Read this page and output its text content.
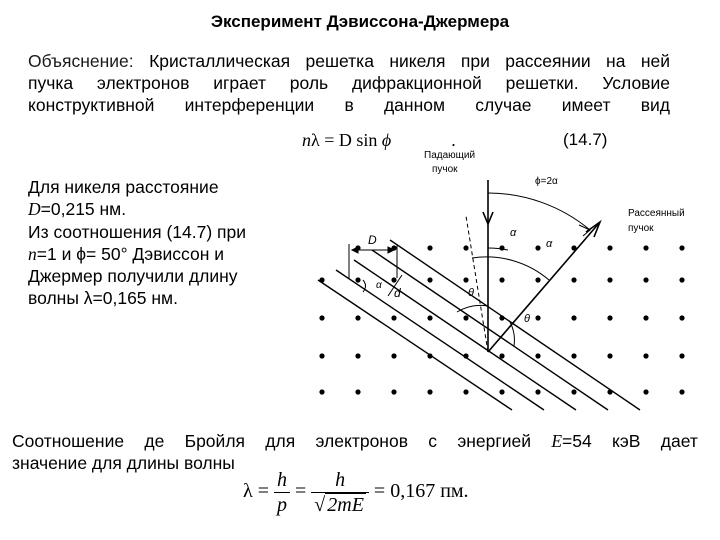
Эксперимент Дэвиссона-Джермера
Объяснение: Кристаллическая решетка никеля при рассеянии на ней
пучка электронов играет роль дифракционной решетки. Условие
конструктивной интерференции в данном случае имеет вид
nλ = D sin ϕ	.	(14.7)
Для никеля расстояние
D=0,215 нм.
Из соотношения (14.7) при
n=1 и ϕ= 50° Дэвиссон и
Джермер получили длину
волны λ=0,165 нм.
Падающий
пучок
Рассеянный
пучок
ϕ=2α
α
α
α
θ
θ
D
d
Соотношение де Бройля для электронов с энергией E=54 кэВ дает
значение для длины волны
$\lambda = \frac{h}{p} = \frac{h}{√ 2mE} = 0,167$ пм.
